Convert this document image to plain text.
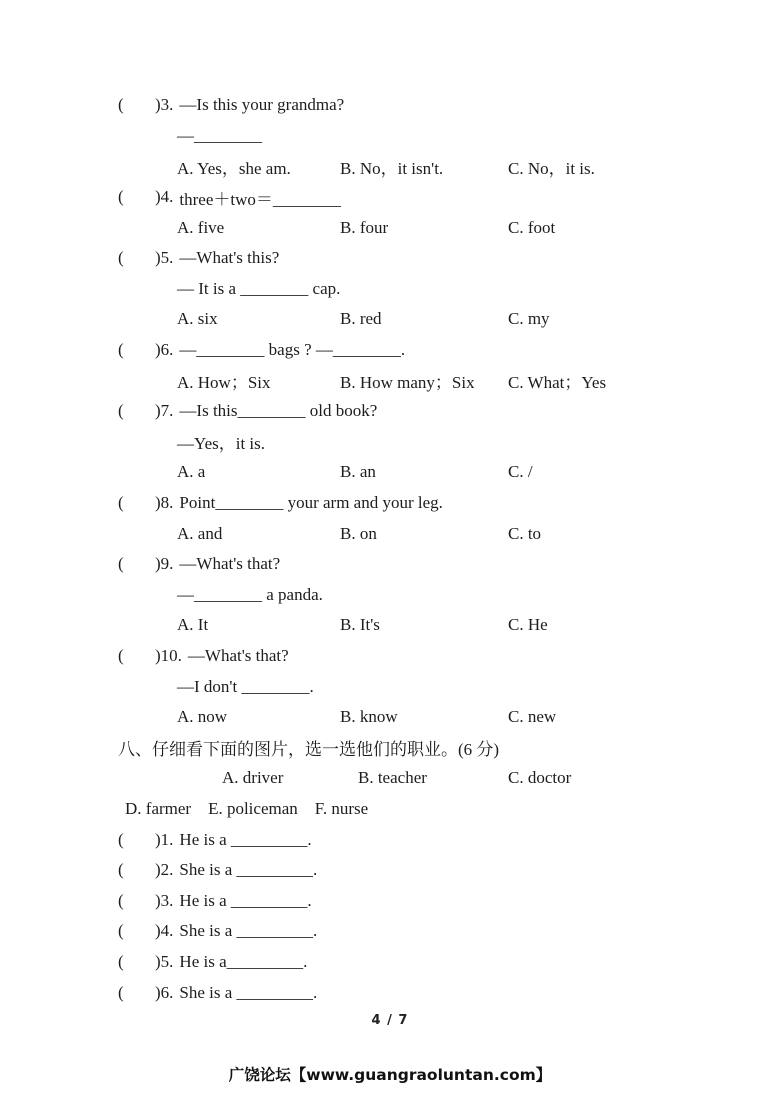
(	)3. —Is this your grandma?
—________
A. Yes，she am.	B. No，it isn't.	C. No，it is.
(	)4. three＋two＝________
A. five	B. four	C. foot
(	)5. —What's this?
— It is a ________ cap.
A. six	B. red	C. my
(	)6. —________ bags ? —________.
A. How；Six	B. How many；Six	C. What；Yes
(	)7. —Is this________ old book?
—Yes，it is.
A. a	B. an	C. /
(	)8. Point________ your arm and your leg.
A. and	B. on	C. to
(	)9. —What's that?
—________ a panda.
A. It	B. It's	C. He
(	)10. —What's that?
—I don't ________.
A. now	B. know	C. new
八、仔细看下面的图片，选一选他们的职业。(6 分)
A. driver	B. teacher	C. doctor
D. farmer E. policeman F. nurse
(	)1. He is a _________.
(	)2. She is a _________.
(	)3. He is a _________.
(	)4. She is a _________.
(	)5. He is a_________.
(	)6. She is a _________.
4 / 7
广饶论坛【www.guangraoluntan.com】
